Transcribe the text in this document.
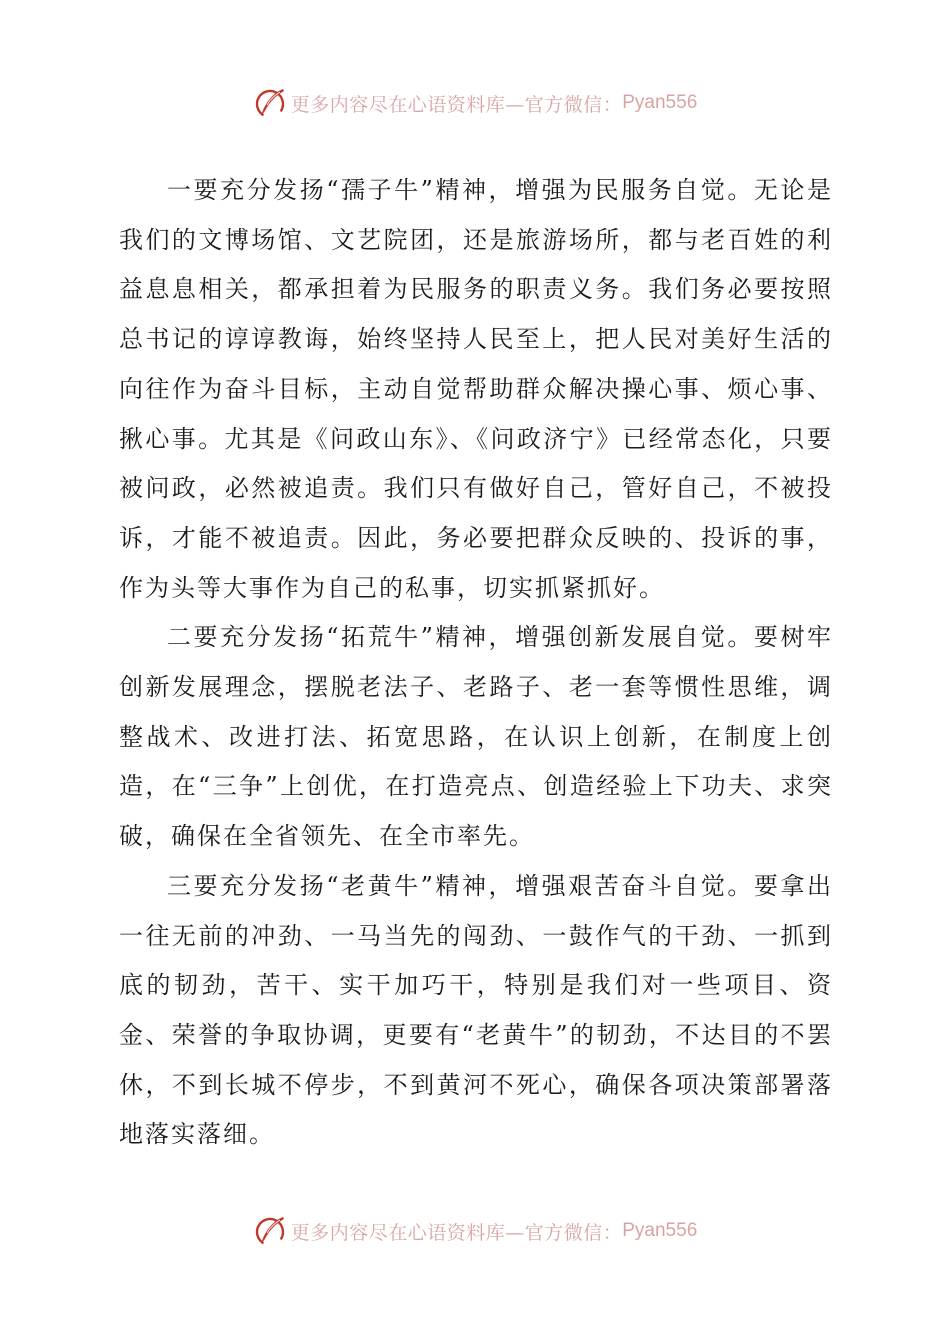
更多内容尽在心语资料库—官方微信： Pyan556

一要充分发扬“孺子牛”精神，增强为民服务自觉。无论是我们的文博场馆、文艺院团，还是旅游场所，都与老百姓的利益息息相关，都承担着为民服务的职责义务。我们务必要按照总书记的谆谆教诲，始终坚持人民至上，把人民对美好生活的向往作为奋斗目标，主动自觉帮助群众解决操心事、烦心事、揪心事。尤其是《问政山东》、《问政济宁》已经常态化，只要被问政，必然被追责。我们只有做好自己，管好自己，不被投诉，才能不被追责。因此，务必要把群众反映的、投诉的事，作为头等大事作为自己的私事，切实抓紧抓好。

二要充分发扬“拓荒牛”精神，增强创新发展自觉。要树牢创新发展理念，摆脱老法子、老路子、老一套等惯性思维，调整战术、改进打法、拓宽思路，在认识上创新，在制度上创造，在“三争”上创优，在打造亮点、创造经验上下功夫、求突破，确保在全省领先、在全市率先。

三要充分发扬“老黄牛”精神，增强艰苦奋斗自觉。要拿出一往无前的冲劲、一马当先的闯劲、一鼓作气的干劲、一抓到底的韧劲，苦干、实干加巧干，特别是我们对一些项目、资金、荣誉的争取协调，更要有“老黄牛”的韧劲，不达目的不罢休，不到长城不停步，不到黄河不死心，确保各项决策部署落地落实落细。

更多内容尽在心语资料库—官方微信： Pyan556
